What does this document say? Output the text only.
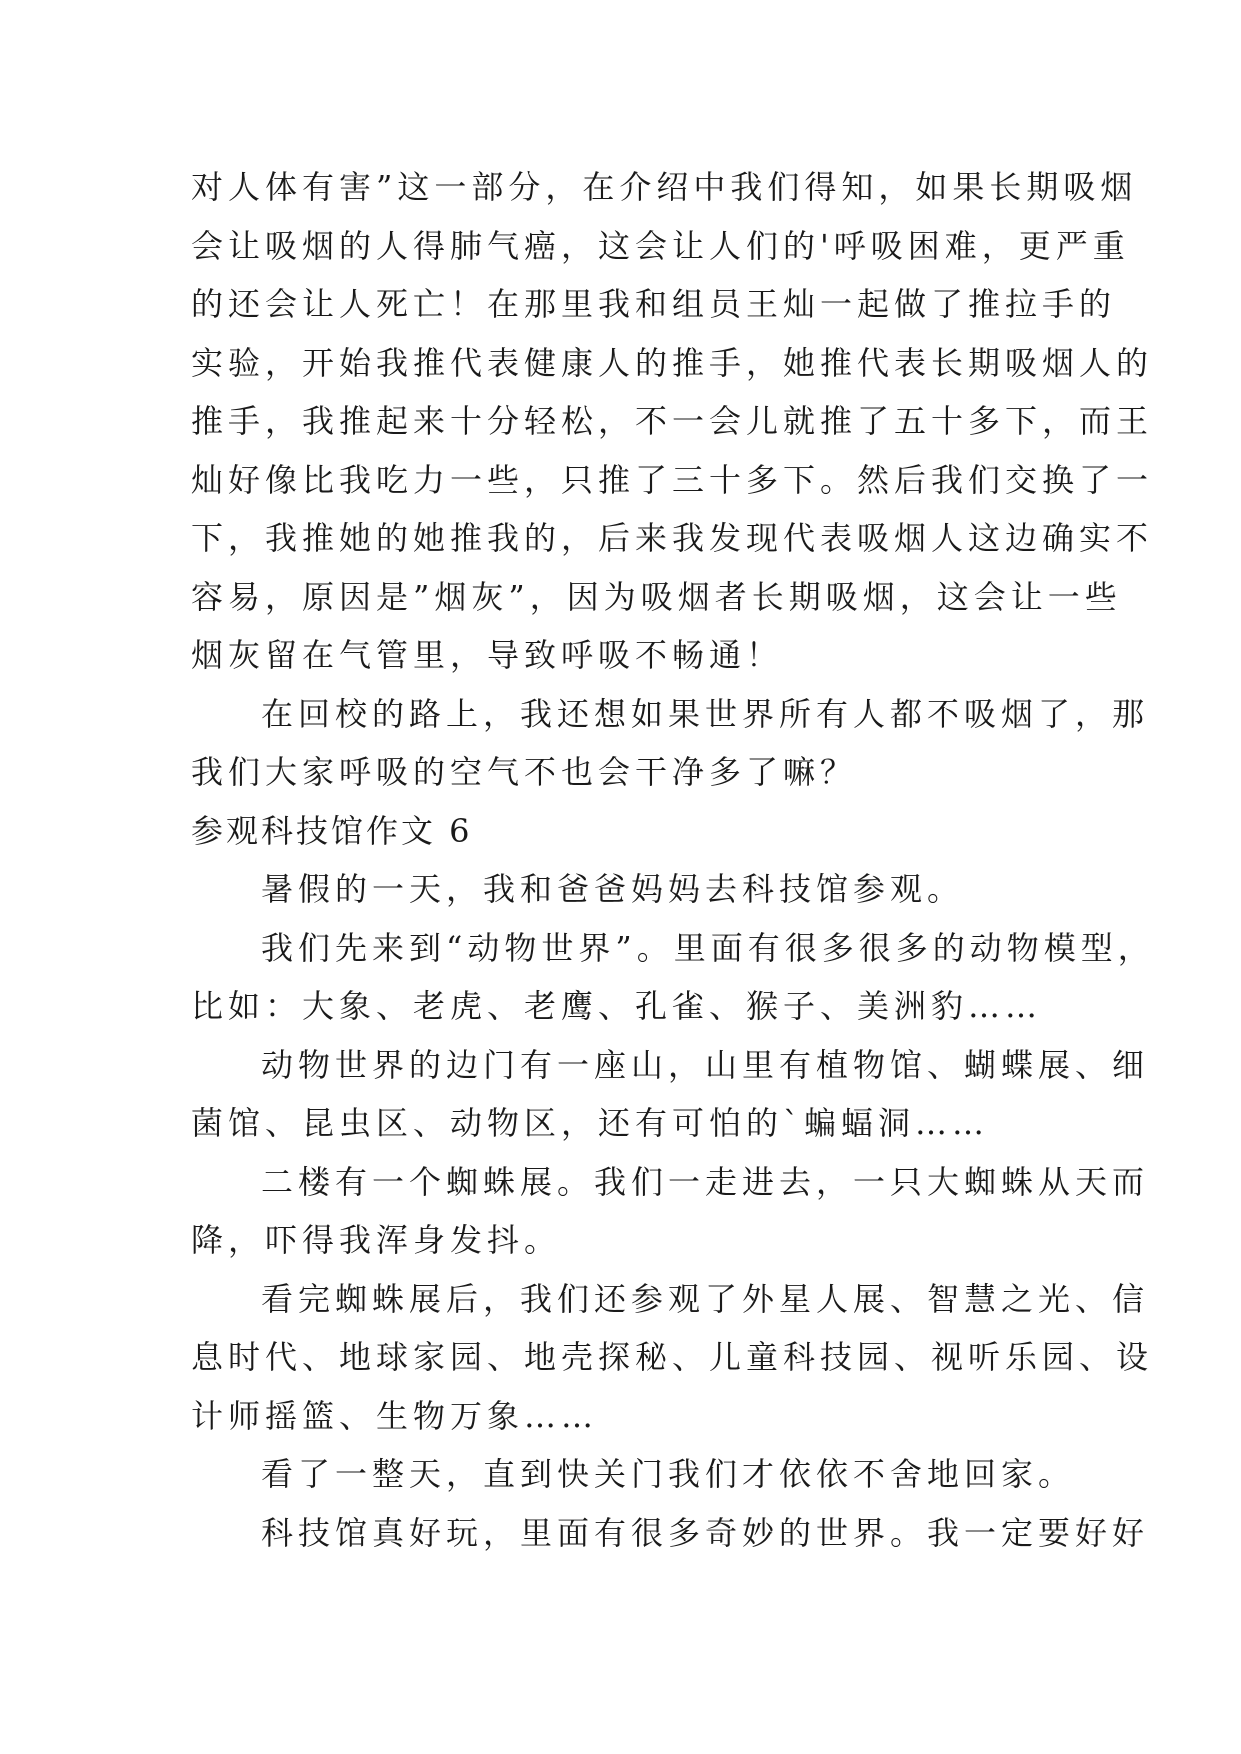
对人体有害”这一部分，在介绍中我们得知，如果长期吸烟
会让吸烟的人得肺气癌，这会让人们的'呼吸困难，更严重
的还会让人死亡！在那里我和组员王灿一起做了推拉手的
实验，开始我推代表健康人的推手，她推代表长期吸烟人的
推手，我推起来十分轻松，不一会儿就推了五十多下，而王
灿好像比我吃力一些，只推了三十多下。然后我们交换了一
下，我推她的她推我的，后来我发现代表吸烟人这边确实不
容易，原因是”烟灰”，因为吸烟者长期吸烟，这会让一些
烟灰留在气管里，导致呼吸不畅通！
在回校的路上，我还想如果世界所有人都不吸烟了，那
我们大家呼吸的空气不也会干净多了嘛？
参观科技馆作文 6
暑假的一天，我和爸爸妈妈去科技馆参观。
我们先来到“动物世界”。里面有很多很多的动物模型，
比如：大象、老虎、老鹰、孔雀、猴子、美洲豹……
动物世界的边门有一座山，山里有植物馆、蝴蝶展、细
菌馆、昆虫区、动物区，还有可怕的`蝙蝠洞……
二楼有一个蜘蛛展。我们一走进去，一只大蜘蛛从天而
降，吓得我浑身发抖。
看完蜘蛛展后，我们还参观了外星人展、智慧之光、信
息时代、地球家园、地壳探秘、儿童科技园、视听乐园、设
计师摇篮、生物万象……
看了一整天，直到快关门我们才依依不舍地回家。
科技馆真好玩，里面有很多奇妙的世界。我一定要好好
